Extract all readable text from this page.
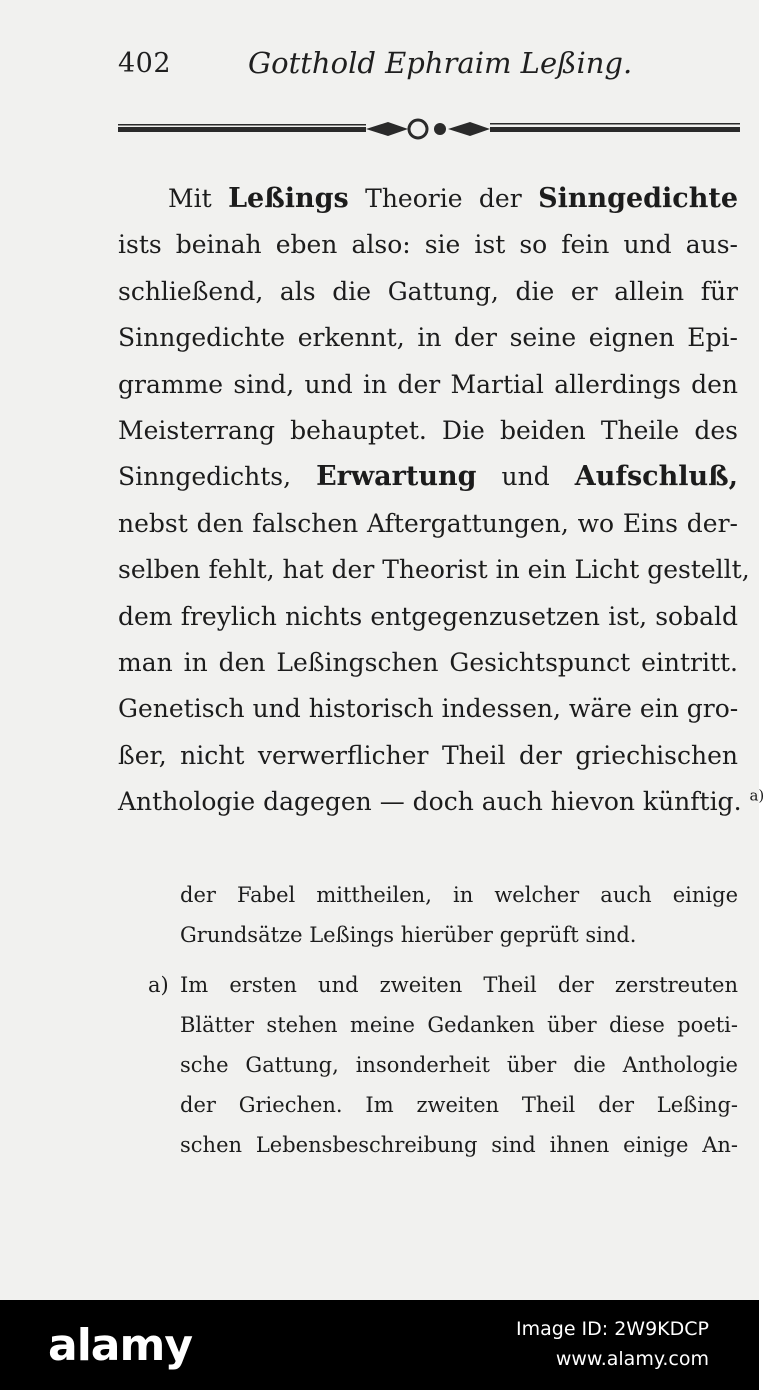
402	Gotthold Ephraim Leßing.
Mit Leßings Theorie der Sinngedichte
ists beinah eben also: sie ist so fein und aus-
schließend, als die Gattung, die er allein für
Sinngedichte erkennt, in der seine eignen Epi-
gramme sind, und in der Martial allerdings den
Meisterrang behauptet. Die beiden Theile des
Sinngedichts, Erwartung und Aufschluß,
nebst den falschen Aftergattungen, wo Eins der-
selben fehlt, hat der Theorist in ein Licht gestellt,
dem freylich nichts entgegenzusetzen ist, sobald
man in den Leßingschen Gesichtspunct eintritt.
Genetisch und historisch indessen, wäre ein gro-
ßer, nicht verwerflicher Theil der griechischen
Anthologie dagegen — doch auch hievon künftig. $^{a)}$
der Fabel mittheilen, in welcher auch einige
Grundsätze Leßings hierüber geprüft sind.
a) Im ersten und zweiten Theil der zerstreuten
Blätter stehen meine Gedanken über diese poeti-
sche Gattung, insonderheit über die Anthologie
der Griechen. Im zweiten Theil der Leßing-
schen Lebensbeschreibung sind ihnen einige An-
alamy	Image ID: 2W9KDCP
www.alamy.com
